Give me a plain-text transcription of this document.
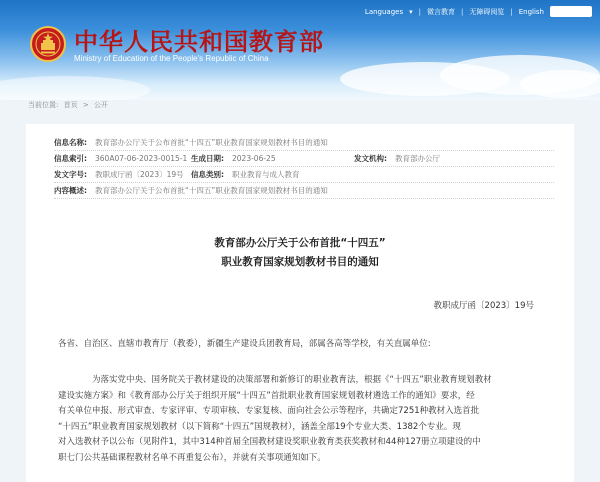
中华人民共和国教育部
Ministry of Education of the People's Republic of China
Languages ▾ | 微言教育 | 无障碍阅览 | English
当前位置: 首页 > 公开
信息名称: 教育部办公厅关于公布首批“十四五”职业教育国家规划教材书目的通知
信息索引: 360A07-06-2023-0015-1 生成日期: 2023-06-25	发文机构: 教育部办公厅
发文字号: 教职成厅函〔2023〕19号 信息类别: 职业教育与成人教育
内容概述: 教育部办公厅关于公布首批“十四五”职业教育国家规划教材书目的通知
教育部办公厅关于公布首批“十四五”
职业教育国家规划教材书目的通知
教职成厅函〔2023〕19号
各省、自治区、直辖市教育厅（教委），新疆生产建设兵团教育局，部属各高等学校，有关直属单位:
为落实党中央、国务院关于教材建设的决策部署和新修订的职业教育法，根据《“十四五”职业教育规划教材
建设实施方案》和《教育部办公厅关于组织开展“十四五”首批职业教育国家规划教材遴选工作的通知》要求，经
有关单位申报、形式审查、专家评审、专项审核、专家复核、面向社会公示等程序，共确定7251种教材入选首批
“十四五”职业教育国家规划教材（以下简称“十四五”国规教材），涵盖全部19个专业大类、1382个专业。现
对入选教材予以公布（见附件1，其中314种首届全国教材建设奖职业教育类获奖教材和44种127册立项建设的中
职七门公共基础课程教材名单不再重复公布），并就有关事项通知如下。
